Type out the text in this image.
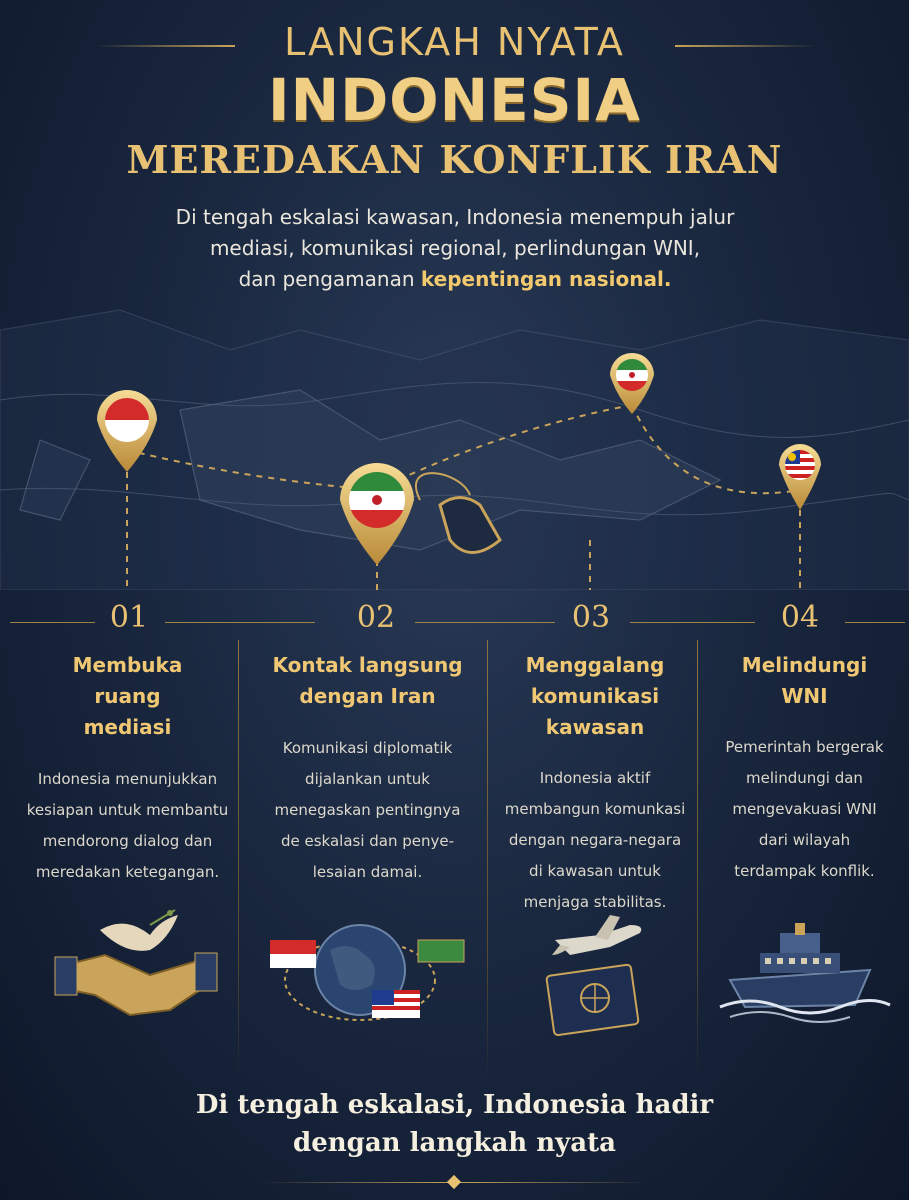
LANGKAH NYATA
INDONESIA
MEREDAKAN KONFLIK IRAN
Di tengah eskalasi kawasan, Indonesia menempuh jalur mediasi, komunikasi regional, perlindungan WNI,
dan pengamanan kepentingan nasional.
01	02	03	04
Membuka ruang mediasi

Indonesia menunjukkan kesiapan untuk membantu mendorong dialog dan meredakan ketegangan.

Kontak langsung dengan Iran

Komunikasi diplomatik dijalankan untuk menegaskan pentingnya de eskalasi dan penye-lesaian damai.

Menggalang komunikasi kawasan

Indonesia aktif membangun komunkasi dengan negara-negara di kawasan untuk menjaga stabilitas.

Melindungi WNI

Pemerintah bergerak melindungi dan mengevakuasi WNI dari wilayah terdampak konflik.

Di tengah eskalasi, Indonesia hadir
dengan langkah nyata
